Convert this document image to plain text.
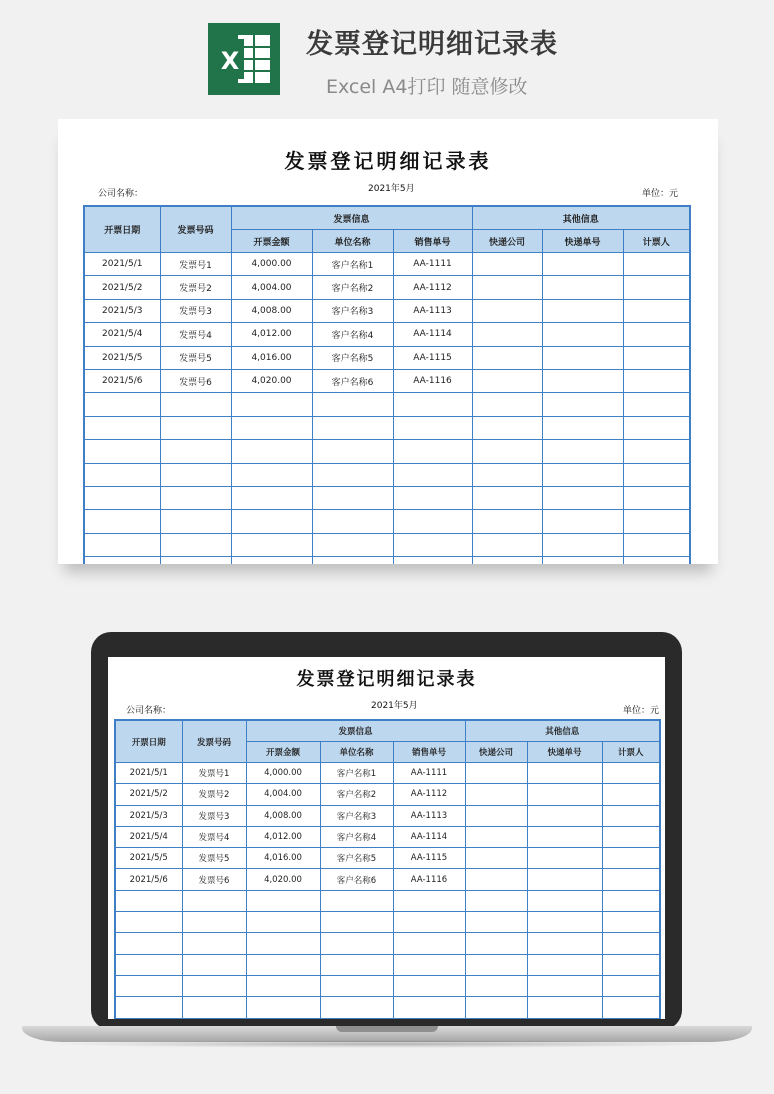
X
发票登记明细记录表
Excel A4打印 随意修改
发票登记明细记录表
公司名称：	2021年5月	单位：元
开票日期	发票号码	发票信息			其他信息		
		开票金额	单位名称	销售单号	快递公司	快递单号	计票人
2021/5/1	发票号1	4,000.00	客户名称1	AA-1111			
2021/5/2	发票号2	4,004.00	客户名称2	AA-1112			
2021/5/3	发票号3	4,008.00	客户名称3	AA-1113			
2021/5/4	发票号4	4,012.00	客户名称4	AA-1114			
2021/5/5	发票号5	4,016.00	客户名称5	AA-1115			
2021/5/6	发票号6	4,020.00	客户名称6	AA-1116			

发票登记明细记录表
公司名称：	2021年5月	单位：元
开票日期	发票号码	发票信息			其他信息		
		开票金额	单位名称	销售单号	快递公司	快递单号	计票人
2021/5/1	发票号1	4,000.00	客户名称1	AA-1111			
2021/5/2	发票号2	4,004.00	客户名称2	AA-1112			
2021/5/3	发票号3	4,008.00	客户名称3	AA-1113			
2021/5/4	发票号4	4,012.00	客户名称4	AA-1114			
2021/5/5	发票号5	4,016.00	客户名称5	AA-1115			
2021/5/6	发票号6	4,020.00	客户名称6	AA-1116			
